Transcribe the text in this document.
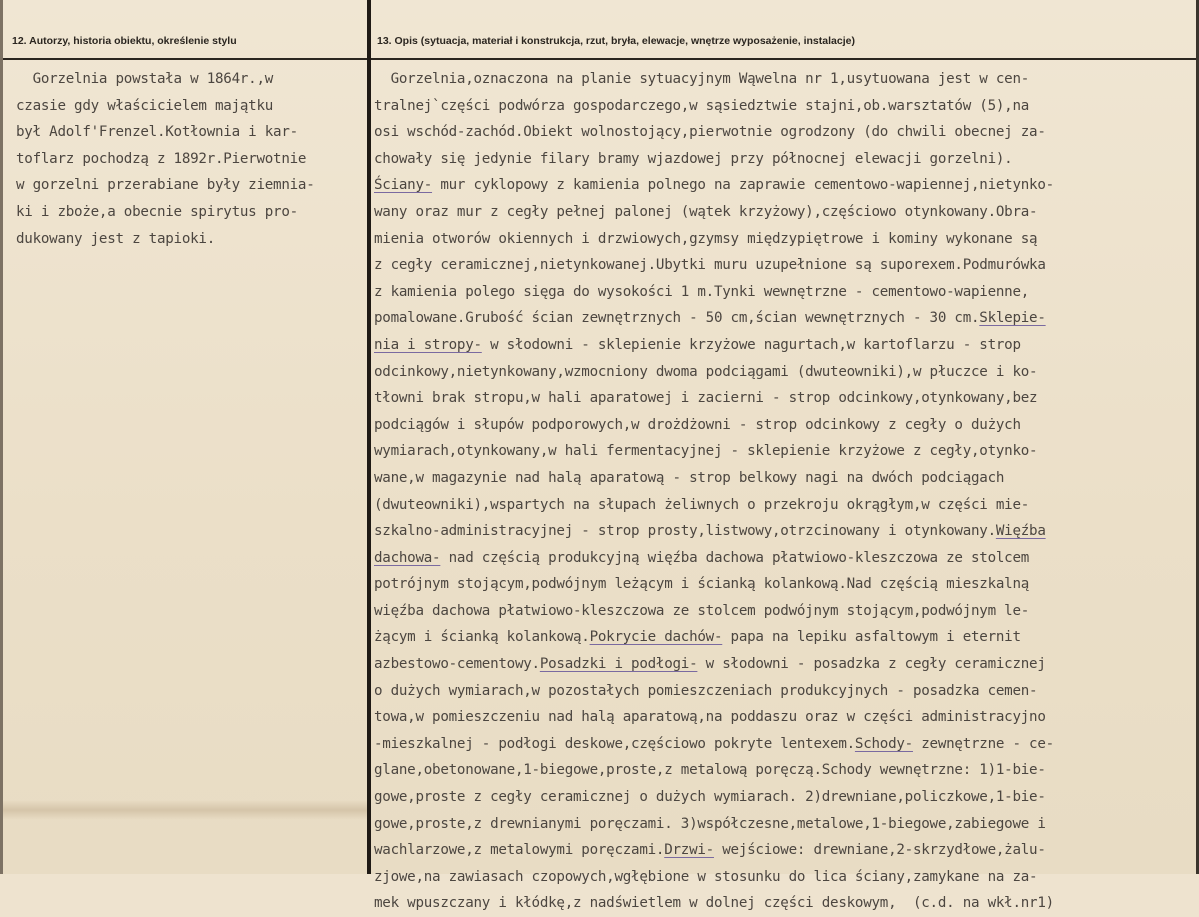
12. Autorzy, historia obiektu, określenie stylu	13. Opis (sytuacja, materiał i konstrukcja, rzut, bryła, elewacje, wnętrze wyposażenie, instalacje)
Gorzelnia powstała w 1864r.,w
czasie gdy właścicielem majątku
był Adolf'Frenzel.Kotłownia i kar-
toflarz pochodzą z 1892r.Pierwotnie
w gorzelni przerabiane były ziemnia-
ki i zboże,a obecnie spirytus pro-
dukowany jest z tapioki.
Gorzelnia,oznaczona na planie sytuacyjnym Wąwelna nr 1,usytuowana jest w cen-
tralnej`części podwórza gospodarczego,w sąsiedztwie stajni,ob.warsztatów (5),na
osi wschód-zachód.Obiekt wolnostojący,pierwotnie ogrodzony (do chwili obecnej za-
chowały się jedynie filary bramy wjazdowej przy północnej elewacji gorzelni).
Ściany- mur cyklopowy z kamienia polnego na zaprawie cementowo-wapiennej,nietynko-
wany oraz mur z cegły pełnej palonej (wątek krzyżowy),częściowo otynkowany.Obra-
mienia otworów okiennych i drzwiowych,gzymsy międzypiętrowe i kominy wykonane są
z cegły ceramicznej,nietynkowanej.Ubytki muru uzupełnione są suporexem.Podmurówka
z kamienia polego sięga do wysokości 1 m.Tynki wewnętrzne - cementowo-wapienne,
pomalowane.Grubość ścian zewnętrznych - 50 cm,ścian wewnętrznych - 30 cm.Sklepie-
nia i stropy- w słodowni - sklepienie krzyżowe nagurtach,w kartoflarzu - strop
odcinkowy,nietynkowany,wzmocniony dwoma podciągami (dwuteowniki),w płuczce i ko-
tłowni brak stropu,w hali aparatowej i zacierni - strop odcinkowy,otynkowany,bez
podciągów i słupów podporowych,w drożdżowni - strop odcinkowy z cegły o dużych
wymiarach,otynkowany,w hali fermentacyjnej - sklepienie krzyżowe z cegły,otynko-
wane,w magazynie nad halą aparatową - strop belkowy nagi na dwóch podciągach
(dwuteowniki),wspartych na słupach żeliwnych o przekroju okrągłym,w części mie-
szkalno-administracyjnej - strop prosty,listwowy,otrzcinowany i otynkowany.Więźba
dachowa- nad częścią produkcyjną więźba dachowa płatwiowo-kleszczowa ze stolcem
potrójnym stojącym,podwójnym leżącym i ścianką kolankową.Nad częścią mieszkalną
więźba dachowa płatwiowo-kleszczowa ze stolcem podwójnym stojącym,podwójnym le-
żącym i ścianką kolankową.Pokrycie dachów- papa na lepiku asfaltowym i eternit
azbestowo-cementowy.Posadzki i podłogi- w słodowni - posadzka z cegły ceramicznej
o dużych wymiarach,w pozostałych pomieszczeniach produkcyjnych - posadzka cemen-
towa,w pomieszczeniu nad halą aparatową,na poddaszu oraz w części administracyjno
-mieszkalnej - podłogi deskowe,częściowo pokryte lentexem.Schody- zewnętrzne - ce-
glane,obetonowane,1-biegowe,proste,z metalową poręczą.Schody wewnętrzne: 1)1-bie-
gowe,proste z cegły ceramicznej o dużych wymiarach. 2)drewniane,policzkowe,1-bie-
gowe,proste,z drewnianymi poręczami. 3)współczesne,metalowe,1-biegowe,zabiegowe i
wachlarzowe,z metalowymi poręczami.Drzwi- wejściowe: drewniane,2-skrzydłowe,żalu-
zjowe,na zawiasach czopowych,wgłębione w stosunku do lica ściany,zamykane na za-
mek wpuszczany i kłódkę,z nadświetlem w dolnej części deskowym,  (c.d. na wkł.nr1)
